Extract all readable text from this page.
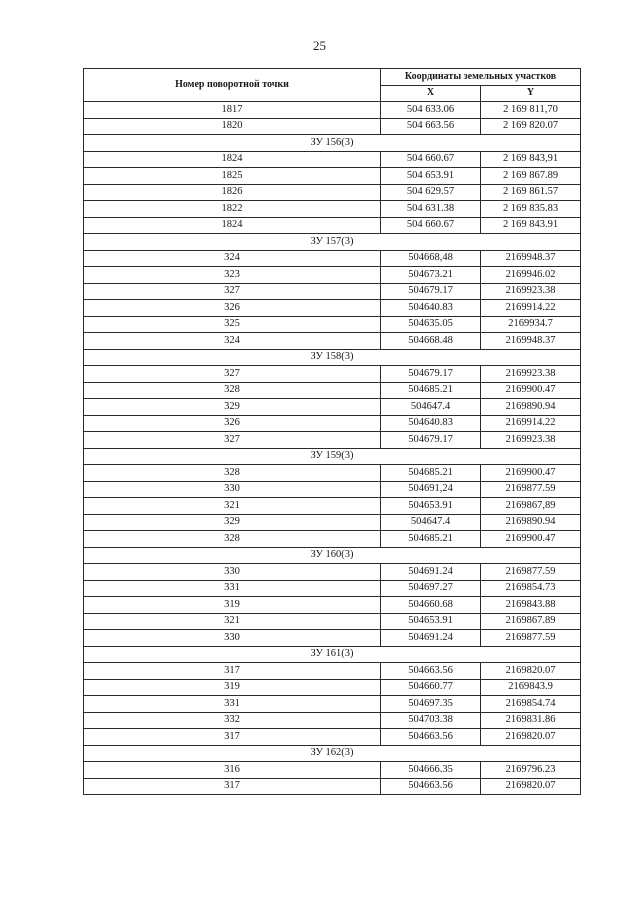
25
Номер поворотной точки	Координаты земельных участков	
	X	Y
1817	504 633.06	2 169 811,70
1820	504 663.56	2 169 820.07
ЗУ 156(3)		
1824	504 660.67	2 169 843,91
1825	504 653.91	2 169 867.89
1826	504 629.57	2 169 861.57
1822	504 631.38	2 169 835.83
1824	504 660.67	2 169 843.91
ЗУ 157(3)		
324	504668,48	2169948.37
323	504673.21	2169946.02
327	504679.17	2169923.38
326	504640.83	2169914.22
325	504635.05	2169934.7
324	504668.48	2169948.37
ЗУ 158(3)		
327	504679.17	2169923.38
328	504685.21	2169900.47
329	504647.4	2169890.94
326	504640.83	2169914.22
327	504679.17	2169923.38
ЗУ 159(3)		
328	504685.21	2169900.47
330	504691,24	2169877.59
321	504653.91	2169867,89
329	504647.4	2169890.94
328	504685.21	2169900.47
ЗУ 160(3)		
330	504691.24	2169877.59
331	504697.27	2169854.73
319	504660.68	2169843.88
321	504653.91	2169867.89
330	504691.24	2169877.59
ЗУ 161(3)		
317	504663.56	2169820.07
319	504660.77	2169843.9
331	504697.35	2169854.74
332	504703.38	2169831.86
317	504663.56	2169820.07
ЗУ 162(3)		
316	504666.35	2169796.23
317	504663.56	2169820.07
